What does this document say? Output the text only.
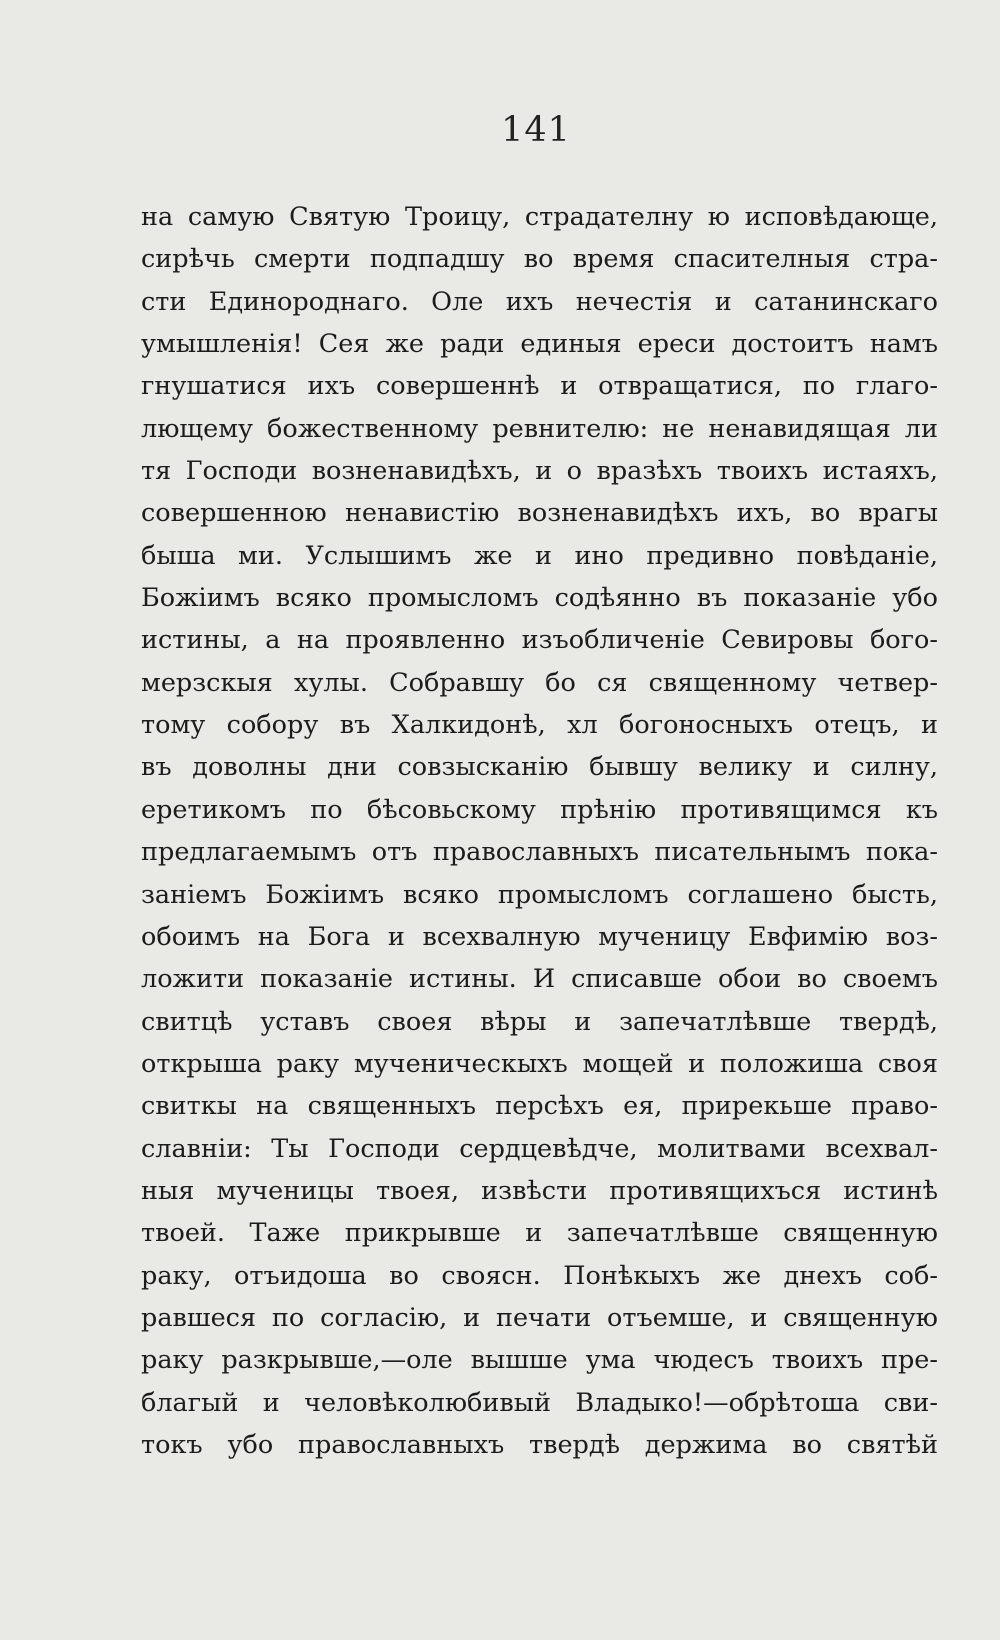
141
на самую Святую Троицу, страдателну ю исповѣдающе,
сирѣчь смерти подпадшу во время спасителныя стра-
сти Единороднаго. Оле ихъ нечестія и сатанинскаго
умышленія! Сея же ради единыя ереси достоитъ намъ
гнушатися ихъ совершеннѣ и отвращатися, по глаго-
лющему божественному ревнителю: не ненавидящая ли
тя Господи возненавидѣхъ, и о вразѣхъ твоихъ истаяхъ,
совершенною ненавистію возненавидѣхъ ихъ, во врагы
быша ми. Услышимъ же и ино предивно повѣданіе,
Божіимъ всяко промысломъ содѣянно въ показаніе убо
истины, а на проявленно изъобличеніе Севировы бого-
мерзскыя хулы. Собравшу бо ся священному четвер-
тому собору въ Халкидонѣ, хл богоносныхъ отецъ, и
въ доволны дни совзысканію бывшу велику и силну,
еретикомъ по бѣсовьскому прѣнію противящимся къ
предлагаемымъ отъ православныхъ писательнымъ пока-
заніемъ Божіимъ всяко промысломъ соглашено бысть,
обоимъ на Бога и всехвалную мученицу Евфимію воз-
ложити показаніе истины. И списавше обои во своемъ
свитцѣ уставъ своея вѣры и запечатлѣвше твердѣ,
открыша раку мученическыхъ мощей и положиша своя
свиткы на священныхъ персѣхъ ея, прирекьше право-
славніи: Ты Господи сердцевѣдче, молитвами всехвал-
ныя мученицы твоея, извѣсти противящихъся истинѣ
твоей. Таже прикрывше и запечатлѣвше священную
раку, отъидоша во своясн. Понѣкыхъ же днехъ соб-
равшеся по согласію, и печати отъемше, и священную
раку разкрывше,—оле вышше ума чюдесъ твоихъ пре-
благый и человѣколюбивый Владыко!—обрѣтоша сви-
токъ убо православныхъ твердѣ держима во святѣй
